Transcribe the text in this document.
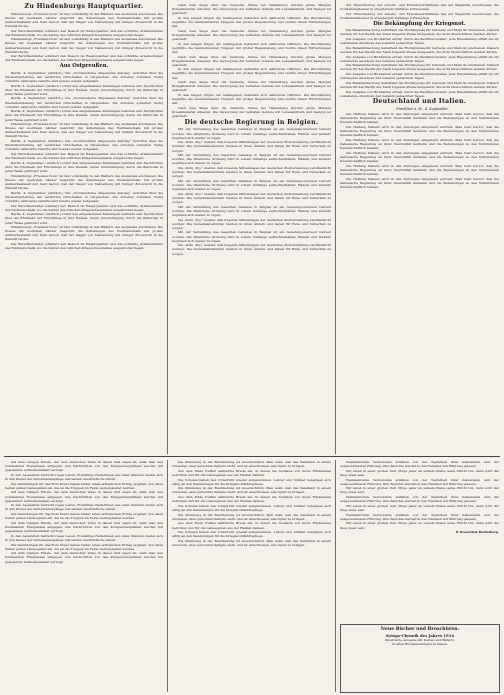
Zu Hindenburgs Hauptquartier.

Hindenburgs „Friedens-Note“ ist fast vollständig in den Blättern des Auslandes erschienen. Die Presse der neutralen Länder bespricht die Äußerungen des Feldmarschalls mit großer Aufmerksamkeit und hebt hervor, daß der Sieger von Tannenberg mit ruhiger Zuversicht in die Zukunft blicke.

Der Berichterstatter schildert den Besuch im Hauptquartier und das schlichte Arbeitszimmer des Feldmarschalls, wo die Karten des östlichen Kriegsschauplatzes ausgebreitet liegen.

Hindenburgs „Friedens-Note“ ist fast vollständig in den Blättern des Auslandes erschienen. Die Presse der neutralen Länder bespricht die Äußerungen des Feldmarschalls mit großer Aufmerksamkeit und hebt hervor, daß der Sieger von Tannenberg mit ruhiger Zuversicht in die Zukunft blicke.

Der Berichterstatter schildert den Besuch im Hauptquartier und das schlichte Arbeitszimmer des Feldmarschalls, wo die Karten des östlichen Kriegsschauplatzes ausgebreitet liegen.

Aus Ostpreußen.

Berlin, 4. September. (Amtlich.) Die „Norddeutsche Allgemeine Zeitung“ berichtet über die Wiederherstellung der zerstörten Ortschaften in Ostpreußen. Die Arbeiten schreiten rüstig vorwärts; zahlreiche Gehöfte sind bereits wieder aufgebaut.

Berlin, 4. September. (Amtlich.) Unter den eingelaufenen Meldungen befinden sich Nachrichten über die Rückkehr der Flüchtlinge in ihre Heimat, deren Unterbringung durch die Behörden in jeder Weise gefördert wird.

Berlin, 4. September. (Amtlich.) Die „Norddeutsche Allgemeine Zeitung“ berichtet über die Wiederherstellung der zerstörten Ortschaften in Ostpreußen. Die Arbeiten schreiten rüstig vorwärts; zahlreiche Gehöfte sind bereits wieder aufgebaut.

Berlin, 4. September. (Amtlich.) Unter den eingelaufenen Meldungen befinden sich Nachrichten über die Rückkehr der Flüchtlinge in ihre Heimat, deren Unterbringung durch die Behörden in jeder Weise gefördert wird.

Hindenburgs „Friedens-Note“ ist fast vollständig in den Blättern des Auslandes erschienen. Die Presse der neutralen Länder bespricht die Äußerungen des Feldmarschalls mit großer Aufmerksamkeit und hebt hervor, daß der Sieger von Tannenberg mit ruhiger Zuversicht in die Zukunft blicke.

Berlin, 4. September. (Amtlich.) Die „Norddeutsche Allgemeine Zeitung“ berichtet über die Wiederherstellung der zerstörten Ortschaften in Ostpreußen. Die Arbeiten schreiten rüstig vorwärts; zahlreiche Gehöfte sind bereits wieder aufgebaut.

Der Berichterstatter schildert den Besuch im Hauptquartier und das schlichte Arbeitszimmer des Feldmarschalls, wo die Karten des östlichen Kriegsschauplatzes ausgebreitet liegen.

Berlin, 4. September. (Amtlich.) Unter den eingelaufenen Meldungen befinden sich Nachrichten über die Rückkehr der Flüchtlinge in ihre Heimat, deren Unterbringung durch die Behörden in jeder Weise gefördert wird.

Hindenburgs „Friedens-Note“ ist fast vollständig in den Blättern des Auslandes erschienen. Die Presse der neutralen Länder bespricht die Äußerungen des Feldmarschalls mit großer Aufmerksamkeit und hebt hervor, daß der Sieger von Tannenberg mit ruhiger Zuversicht in die Zukunft blicke.

Berlin, 4. September. (Amtlich.) Die „Norddeutsche Allgemeine Zeitung“ berichtet über die Wiederherstellung der zerstörten Ortschaften in Ostpreußen. Die Arbeiten schreiten rüstig vorwärts; zahlreiche Gehöfte sind bereits wieder aufgebaut.

Der Berichterstatter schildert den Besuch im Hauptquartier und das schlichte Arbeitszimmer des Feldmarschalls, wo die Karten des östlichen Kriegsschauplatzes ausgebreitet liegen.

Berlin, 4. September. (Amtlich.) Unter den eingelaufenen Meldungen befinden sich Nachrichten über die Rückkehr der Flüchtlinge in ihre Heimat, deren Unterbringung durch die Behörden in jeder Weise gefördert wird.

Hindenburgs „Friedens-Note“ ist fast vollständig in den Blättern des Auslandes erschienen. Die Presse der neutralen Länder bespricht die Äußerungen des Feldmarschalls mit großer Aufmerksamkeit und hebt hervor, daß der Sieger von Tannenberg mit ruhiger Zuversicht in die Zukunft blicke.

Der Berichterstatter schildert den Besuch im Hauptquartier und das schlichte Arbeitszimmer des Feldmarschalls, wo die Karten des östlichen Kriegsschauplatzes ausgebreitet liegen.

Nach dem Siege über die russische Armee bei Tannenberg wurden große Mengen Kriegsmaterial erbeutet. Die Versorgung der befreiten Gebiete mit Lebensmitteln und Saatgut ist gesichert.

In den langen Zügen der Gefangenen befanden sich zahlreiche Offiziere. Die Bevölkerung begrüßte die heimkehrenden Truppen mit großer Begeisterung und reichte ihnen Erfrischungen dar.

Nach dem Siege über die russische Armee bei Tannenberg wurden große Mengen Kriegsmaterial erbeutet. Die Versorgung der befreiten Gebiete mit Lebensmitteln und Saatgut ist gesichert.

In den langen Zügen der Gefangenen befanden sich zahlreiche Offiziere. Die Bevölkerung begrüßte die heimkehrenden Truppen mit großer Begeisterung und reichte ihnen Erfrischungen dar.

Nach dem Siege über die russische Armee bei Tannenberg wurden große Mengen Kriegsmaterial erbeutet. Die Versorgung der befreiten Gebiete mit Lebensmitteln und Saatgut ist gesichert.

In den langen Zügen der Gefangenen befanden sich zahlreiche Offiziere. Die Bevölkerung begrüßte die heimkehrenden Truppen mit großer Begeisterung und reichte ihnen Erfrischungen dar.

Nach dem Siege über die russische Armee bei Tannenberg wurden große Mengen Kriegsmaterial erbeutet. Die Versorgung der befreiten Gebiete mit Lebensmitteln und Saatgut ist gesichert.

In den langen Zügen der Gefangenen befanden sich zahlreiche Offiziere. Die Bevölkerung begrüßte die heimkehrenden Truppen mit großer Begeisterung und reichte ihnen Erfrischungen dar.

Nach dem Siege über die russische Armee bei Tannenberg wurden große Mengen Kriegsmaterial erbeutet. Die Versorgung der befreiten Gebiete mit Lebensmitteln und Saatgut ist gesichert.

Die deutsche Regierung in Belgien.

Mit der Verwaltung des besetzten Gebietes in Belgien ist ein Generalgouverneur betraut worden. Die öffentliche Ordnung wird in vollem Umfange aufrechterhalten; Handel und Verkehr beginnen sich wieder zu regen.

Die „Köln. Ztg.“ meldet, daß folgende Mitteilungen der deutschen Zivilverwaltung veröffentlicht wurden: Die Gemeindebehörden bleiben in ihren Ämtern und haben für Ruhe und Sicherheit zu sorgen.

Mit der Verwaltung des besetzten Gebietes in Belgien ist ein Generalgouverneur betraut worden. Die öffentliche Ordnung wird in vollem Umfange aufrechterhalten; Handel und Verkehr beginnen sich wieder zu regen.

Die „Köln. Ztg.“ meldet, daß folgende Mitteilungen der deutschen Zivilverwaltung veröffentlicht wurden: Die Gemeindebehörden bleiben in ihren Ämtern und haben für Ruhe und Sicherheit zu sorgen.

Mit der Verwaltung des besetzten Gebietes in Belgien ist ein Generalgouverneur betraut worden. Die öffentliche Ordnung wird in vollem Umfange aufrechterhalten; Handel und Verkehr beginnen sich wieder zu regen.

Die „Köln. Ztg.“ meldet, daß folgende Mitteilungen der deutschen Zivilverwaltung veröffentlicht wurden: Die Gemeindebehörden bleiben in ihren Ämtern und haben für Ruhe und Sicherheit zu sorgen.

Mit der Verwaltung des besetzten Gebietes in Belgien ist ein Generalgouverneur betraut worden. Die öffentliche Ordnung wird in vollem Umfange aufrechterhalten; Handel und Verkehr beginnen sich wieder zu regen.

Die „Köln. Ztg.“ meldet, daß folgende Mitteilungen der deutschen Zivilverwaltung veröffentlicht wurden: Die Gemeindebehörden bleiben in ihren Ämtern und haben für Ruhe und Sicherheit zu sorgen.

Mit der Verwaltung des besetzten Gebietes in Belgien ist ein Generalgouverneur betraut worden. Die öffentliche Ordnung wird in vollem Umfange aufrechterhalten; Handel und Verkehr beginnen sich wieder zu regen.

Die „Köln. Ztg.“ meldet, daß folgende Mitteilungen der deutschen Zivilverwaltung veröffentlicht wurden: Die Gemeindebehörden bleiben in ihren Ämtern und haben für Ruhe und Sicherheit zu sorgen.

Zur Erleichterung der Arbeits- und Erwerbsverhältnisse hat der Magistrat beschlossen, die Notstandsarbeiten in erweitertem Umfange fortzusetzen.

Zur Erleichterung der Arbeits- und Erwerbsverhältnisse hat der Magistrat beschlossen, die Notstandsarbeiten in erweitertem Umfange fortzusetzen.

Die Bekämpfung der Kriegsnot.

Die Bekanntmachung betreffend die Höchstpreise für Getreide und Mehl ist erschienen. Danach werden für den Bezirk der Stadt folgende Preise festgesetzt, die nicht überschritten werden dürfen.

Die Ausgabe von Brotkarten erfolgt durch die Bezirksvorsteher. Jede Haushaltung erhält die ihr zustehende Anzahl an den bekannt gemachten Tagen.

Die Bekanntmachung betreffend die Höchstpreise für Getreide und Mehl ist erschienen. Danach werden für den Bezirk der Stadt folgende Preise festgesetzt, die nicht überschritten werden dürfen.

Die Ausgabe von Brotkarten erfolgt durch die Bezirksvorsteher. Jede Haushaltung erhält die ihr zustehende Anzahl an den bekannt gemachten Tagen.

Die Bekanntmachung betreffend die Höchstpreise für Getreide und Mehl ist erschienen. Danach werden für den Bezirk der Stadt folgende Preise festgesetzt, die nicht überschritten werden dürfen.

Die Ausgabe von Brotkarten erfolgt durch die Bezirksvorsteher. Jede Haushaltung erhält die ihr zustehende Anzahl an den bekannt gemachten Tagen.

Die Bekanntmachung betreffend die Höchstpreise für Getreide und Mehl ist erschienen. Danach werden für den Bezirk der Stadt folgende Preise festgesetzt, die nicht überschritten werden dürfen.

Die Ausgabe von Brotkarten erfolgt durch die Bezirksvorsteher. Jede Haushaltung erhält die ihr zustehende Anzahl an den bekannt gemachten Tagen.

Deutschland und Italien.

Frankfurt a. M., 4. September.

Die Haltung Italiens wird in den Zeitungen eingehend erörtert. Man hebt hervor, daß die italienische Regierung an ihrer Neutralität festhalte und die Beziehungen zu den Verbündeten freundschaftlich bleiben.

Die Haltung Italiens wird in den Zeitungen eingehend erörtert. Man hebt hervor, daß die italienische Regierung an ihrer Neutralität festhalte und die Beziehungen zu den Verbündeten freundschaftlich bleiben.

Die Haltung Italiens wird in den Zeitungen eingehend erörtert. Man hebt hervor, daß die italienische Regierung an ihrer Neutralität festhalte und die Beziehungen zu den Verbündeten freundschaftlich bleiben.

Die Haltung Italiens wird in den Zeitungen eingehend erörtert. Man hebt hervor, daß die italienische Regierung an ihrer Neutralität festhalte und die Beziehungen zu den Verbündeten freundschaftlich bleiben.

Die Haltung Italiens wird in den Zeitungen eingehend erörtert. Man hebt hervor, daß die italienische Regierung an ihrer Neutralität festhalte und die Beziehungen zu den Verbündeten freundschaftlich bleiben.

Die Haltung Italiens wird in den Zeitungen eingehend erörtert. Man hebt hervor, daß die italienische Regierung an ihrer Neutralität festhalte und die Beziehungen zu den Verbündeten freundschaftlich bleiben.

mit dem ruhigen Ernste, der dem deutschen Volke in dieser Zeit eigen ist, sieht man den kommenden Ereignissen entgegen. Die Nachrichten von den Kriegsschauplätzen werden mit gespannter Aufmerksamkeit verfolgt.

In den Lazaretten herrscht reges Leben. Freiwillige Helferinnen aus allen Ständen stellen sich in den Dienst der Verwundetenpflege und leisten unermüdliche Arbeit.

Die Sammlungen für das Rote Kreuz haben bisher einen erfreulichen Ertrag ergeben. Von allen Seiten gehen Liebesgaben ein, die an die Truppen im Felde weitergeleitet werden.

mit dem ruhigen Ernste, der dem deutschen Volke in dieser Zeit eigen ist, sieht man den kommenden Ereignissen entgegen. Die Nachrichten von den Kriegsschauplätzen werden mit gespannter Aufmerksamkeit verfolgt.

In den Lazaretten herrscht reges Leben. Freiwillige Helferinnen aus allen Ständen stellen sich in den Dienst der Verwundetenpflege und leisten unermüdliche Arbeit.

Die Sammlungen für das Rote Kreuz haben bisher einen erfreulichen Ertrag ergeben. Von allen Seiten gehen Liebesgaben ein, die an die Truppen im Felde weitergeleitet werden.

mit dem ruhigen Ernste, der dem deutschen Volke in dieser Zeit eigen ist, sieht man den kommenden Ereignissen entgegen. Die Nachrichten von den Kriegsschauplätzen werden mit gespannter Aufmerksamkeit verfolgt.

In den Lazaretten herrscht reges Leben. Freiwillige Helferinnen aus allen Ständen stellen sich in den Dienst der Verwundetenpflege und leisten unermüdliche Arbeit.

Die Sammlungen für das Rote Kreuz haben bisher einen erfreulichen Ertrag ergeben. Von allen Seiten gehen Liebesgaben ein, die an die Truppen im Felde weitergeleitet werden.

mit dem ruhigen Ernste, der dem deutschen Volke in dieser Zeit eigen ist, sieht man den kommenden Ereignissen entgegen. Die Nachrichten von den Kriegsschauplätzen werden mit gespannter Aufmerksamkeit verfolgt.

Die Stimmung in der Bevölkerung ist zuversichtlich. Man weiß, daß das Vaterland in einem schweren, aber gerechten Kampfe steht, und ist entschlossen, alle Opfer zu bringen.

Aus dem Felde treffen zahlreiche Briefe ein, in denen die Soldaten von ihren Erlebnissen berichten und für die Liebesgaben aus der Heimat danken.

Die Schulen haben den Unterricht wieder aufgenommen. Lehrer und Schüler beteiligen sich eifrig an den Sammlungen für die Kriegswohlfahrtspflege.

Die Stimmung in der Bevölkerung ist zuversichtlich. Man weiß, daß das Vaterland in einem schweren, aber gerechten Kampfe steht, und ist entschlossen, alle Opfer zu bringen.

Aus dem Felde treffen zahlreiche Briefe ein, in denen die Soldaten von ihren Erlebnissen berichten und für die Liebesgaben aus der Heimat danken.

Die Schulen haben den Unterricht wieder aufgenommen. Lehrer und Schüler beteiligen sich eifrig an den Sammlungen für die Kriegswohlfahrtspflege.

Die Stimmung in der Bevölkerung ist zuversichtlich. Man weiß, daß das Vaterland in einem schweren, aber gerechten Kampfe steht, und ist entschlossen, alle Opfer zu bringen.

Aus dem Felde treffen zahlreiche Briefe ein, in denen die Soldaten von ihren Erlebnissen berichten und für die Liebesgaben aus der Heimat danken.

Die Schulen haben den Unterricht wieder aufgenommen. Lehrer und Schüler beteiligen sich eifrig an den Sammlungen für die Kriegswohlfahrtspflege.

Die Stimmung in der Bevölkerung ist zuversichtlich. Man weiß, daß das Vaterland in einem schweren, aber gerechten Kampfe steht, und ist entschlossen, alle Opfer zu bringen.

Heimkehrende Verwundete erzählen von der Tapferkeit ihrer Kameraden und der ausgezeichneten Führung. Ihre Berichte werden in den Familien mit Rührung gelesen.

Wir leben in einer großen Zeit. Möge jeder an seinem Platze seine Pflicht tun, dann wird der Sieg unser sein.

Heimkehrende Verwundete erzählen von der Tapferkeit ihrer Kameraden und der ausgezeichneten Führung. Ihre Berichte werden in den Familien mit Rührung gelesen.

Wir leben in einer großen Zeit. Möge jeder an seinem Platze seine Pflicht tun, dann wird der Sieg unser sein.

Heimkehrende Verwundete erzählen von der Tapferkeit ihrer Kameraden und der ausgezeichneten Führung. Ihre Berichte werden in den Familien mit Rührung gelesen.

Wir leben in einer großen Zeit. Möge jeder an seinem Platze seine Pflicht tun, dann wird der Sieg unser sein.

Heimkehrende Verwundete erzählen von der Tapferkeit ihrer Kameraden und der ausgezeichneten Führung. Ihre Berichte werden in den Familien mit Rührung gelesen.

Wir leben in einer großen Zeit. Möge jeder an seinem Platze seine Pflicht tun, dann wird der Sieg unser sein.

P. Rosenthal-Heidelberg.

Neue Bücher und Broschüren.
Kriegs-Chronik des Jahres 1914
Illustrierte Ausgabe mit Karten und Bildern.
In allen Buchhandlungen zu haben.
